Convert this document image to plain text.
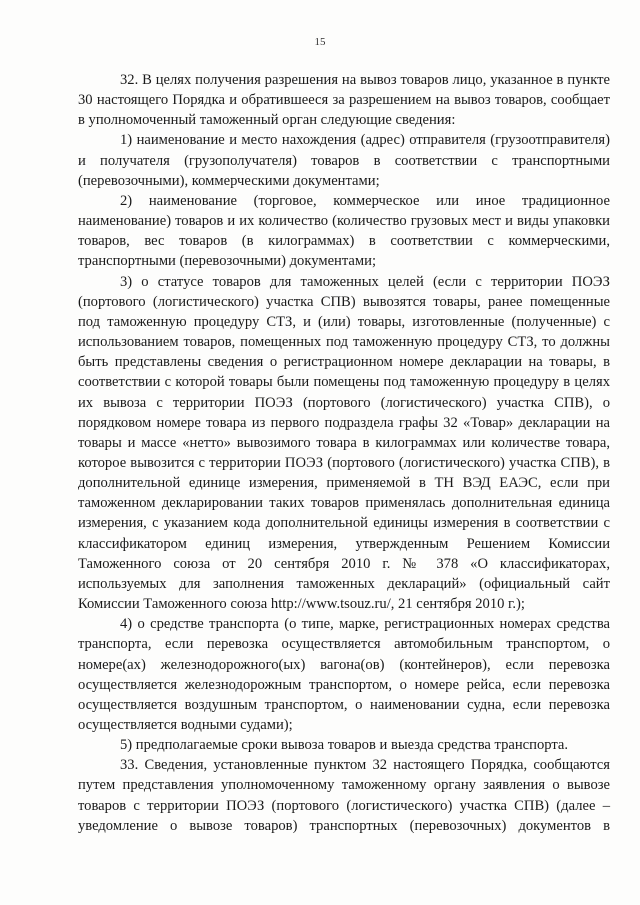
15

32. В целях получения разрешения на вывоз товаров лицо, указанное в пункте 30 настоящего Порядка и обратившееся за разрешением на вывоз товаров, сообщает в уполномоченный таможенный орган следующие сведения:

1) наименование и место нахождения (адрес) отправителя (грузоотправителя) и получателя (грузополучателя) товаров в соответствии с транспортными (перевозочными), коммерческими документами;

2) наименование (торговое, коммерческое или иное традиционное наименование) товаров и их количество (количество грузовых мест и виды упаковки товаров, вес товаров (в килограммах) в соответствии с коммерческими, транспортными (перевозочными) документами;

3) о статусе товаров для таможенных целей (если с территории ПОЭЗ (портового (логистического) участка СПВ) вывозятся товары, ранее помещенные под таможенную процедуру СТЗ, и (или) товары, изготовленные (полученные) с использованием товаров, помещенных под таможенную процедуру СТЗ, то должны быть представлены сведения о регистрационном номере декларации на товары, в соответствии с которой товары были помещены под таможенную процедуру в целях их вывоза с территории ПОЭЗ (портового (логистического) участка СПВ), о порядковом номере товара из первого подраздела графы 32 «Товар» декларации на товары и массе «нетто» вывозимого товара в килограммах или количестве товара, которое вывозится с территории ПОЭЗ (портового (логистического) участка СПВ), в дополнительной единице измерения, применяемой в ТН ВЭД ЕАЭС, если при таможенном декларировании таких товаров применялась дополнительная единица измерения, с указанием кода дополнительной единицы измерения в соответствии с классификатором единиц измерения, утвержденным Решением Комиссии Таможенного союза от 20 сентября 2010 г. № 378 «О классификаторах, используемых для заполнения таможенных деклараций» (официальный сайт Комиссии Таможенного союза http://www.tsouz.ru/, 21 сентября 2010 г.);

4) о средстве транспорта (о типе, марке, регистрационных номерах средства транспорта, если перевозка осуществляется автомобильным транспортом, о номере(ах) железнодорожного(ых) вагона(ов) (контейнеров), если перевозка осуществляется железнодорожным транспортом, о номере рейса, если перевозка осуществляется воздушным транспортом, о наименовании судна, если перевозка осуществляется водными судами);

5) предполагаемые сроки вывоза товаров и выезда средства транспорта.

33. Сведения, установленные пунктом 32 настоящего Порядка, сообщаются путем представления уполномоченному таможенному органу заявления о вывозе товаров с территории ПОЭЗ (портового (логистического) участка СПВ) (далее – уведомление о вывозе товаров) транспортных (перевозочных) документов в
